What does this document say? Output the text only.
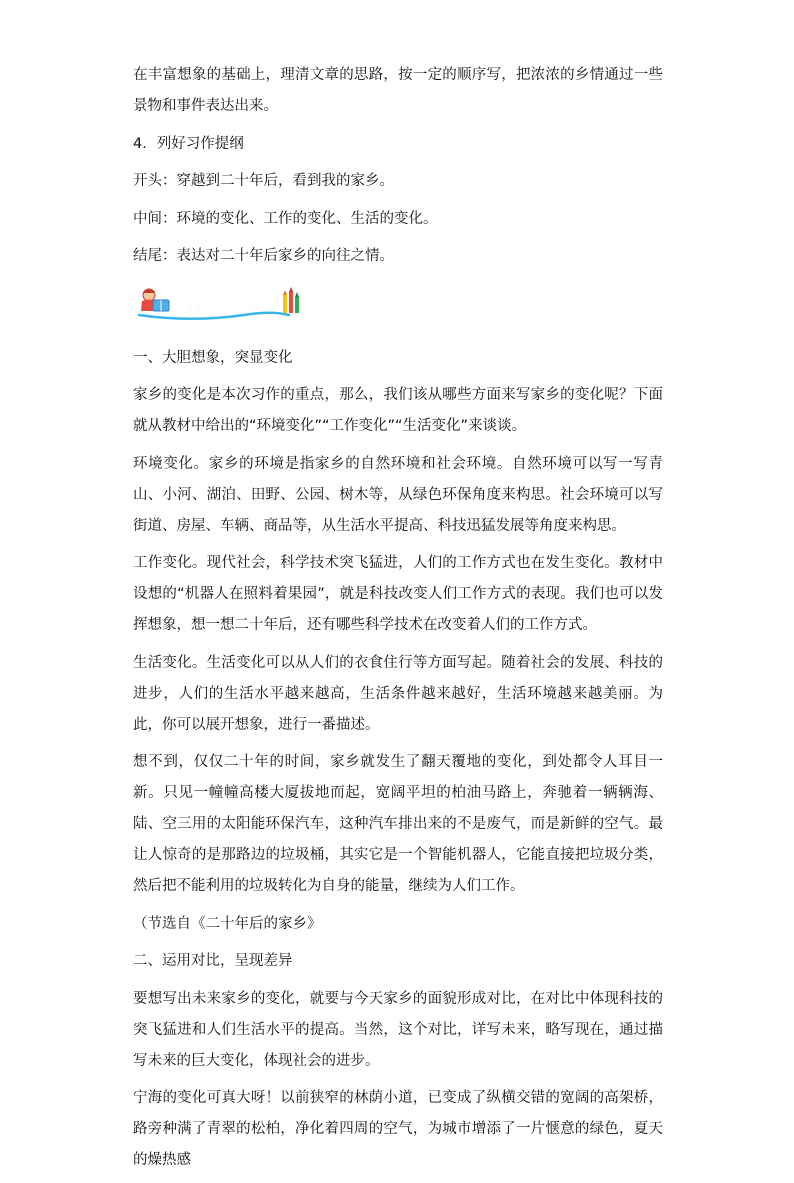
在丰富想象的基础上，理清文章的思路，按一定的顺序写，把浓浓的乡情通过一些景物和事件表达出来。

4．列好习作提纲

开头：穿越到二十年后，看到我的家乡。

中间：环境的变化、工作的变化、生活的变化。

结尾：表达对二十年后家乡的向往之情。

技法点拨

一、大胆想象，突显变化

家乡的变化是本次习作的重点，那么，我们该从哪些方面来写家乡的变化呢？下面就从教材中给出的“环境变化”“工作变化”“生活变化”来谈谈。

环境变化。家乡的环境是指家乡的自然环境和社会环境。自然环境可以写一写青山、小河、湖泊、田野、公园、树木等，从绿色环保角度来构思。社会环境可以写街道、房屋、车辆、商品等，从生活水平提高、科技迅猛发展等角度来构思。

工作变化。现代社会，科学技术突飞猛进，人们的工作方式也在发生变化。教材中设想的“机器人在照料着果园”，就是科技改变人们工作方式的表现。我们也可以发挥想象，想一想二十年后，还有哪些科学技术在改变着人们的工作方式。

生活变化。生活变化可以从人们的衣食住行等方面写起。随着社会的发展、科技的进步，人们的生活水平越来越高，生活条件越来越好，生活环境越来越美丽。为此，你可以展开想象，进行一番描述。

想不到，仅仅二十年的时间，家乡就发生了翻天覆地的变化，到处都令人耳目一新。只见一幢幢高楼大厦拔地而起，宽阔平坦的柏油马路上，奔驰着一辆辆海、陆、空三用的太阳能环保汽车，这种汽车排出来的不是废气，而是新鲜的空气。最让人惊奇的是那路边的垃圾桶，其实它是一个智能机器人，它能直接把垃圾分类，然后把不能利用的垃圾转化为自身的能量，继续为人们工作。

（节选自《二十年后的家乡》

二、运用对比，呈现差异

要想写出未来家乡的变化，就要与今天家乡的面貌形成对比，在对比中体现科技的突飞猛进和人们生活水平的提高。当然，这个对比，详写未来，略写现在，通过描写未来的巨大变化，体现社会的进步。

宁海的变化可真大呀！以前狭窄的林荫小道，已变成了纵横交错的宽阔的高架桥，路旁种满了青翠的松柏，净化着四周的空气，为城市增添了一片惬意的绿色，夏天的燥热感
